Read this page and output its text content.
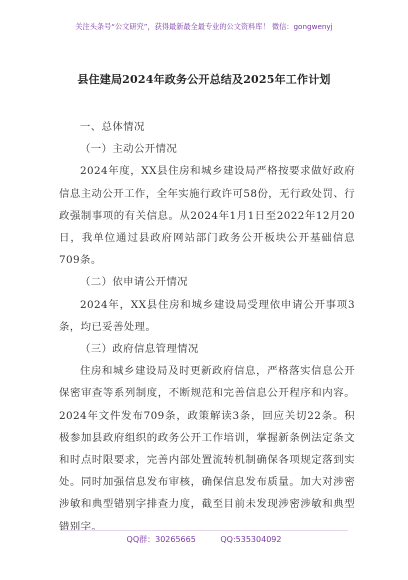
关注头条号“公文研究”，获得最新最全最专业的公文资料库！ 微信：gongwenyj
县住建局2024年政务公开总结及2025年工作计划

一、总体情况

（一）主动公开情况

2024年度，XX县住房和城乡建设局严格按要求做好政府信息主动公开工作，全年实施行政许可58份，无行政处罚、行政强制事项的有关信息。从2024年1月1日至2022年12月20日，我单位通过县政府网站部门政务公开板块公开基础信息709条。

（二）依申请公开情况

2024年，XX县住房和城乡建设局受理依申请公开事项3条，均已妥善处理。

（三）政府信息管理情况

住房和城乡建设局及时更新政府信息，严格落实信息公开保密审查等系列制度，不断规范和完善信息公开程序和内容。2024年文件发布709条，政策解读3条，回应关切22条。积极参加县政府组织的政务公开工作培训，掌握新条例法定条文和时点时限要求，完善内部处置流转机制确保各项规定落到实处。同时加强信息发布审核，确保信息发布质量。加大对涉密涉敏和典型错别字排查力度，截至目前未发现涉密涉敏和典型错别字。

QQ群：30265665	QQ:535304092
